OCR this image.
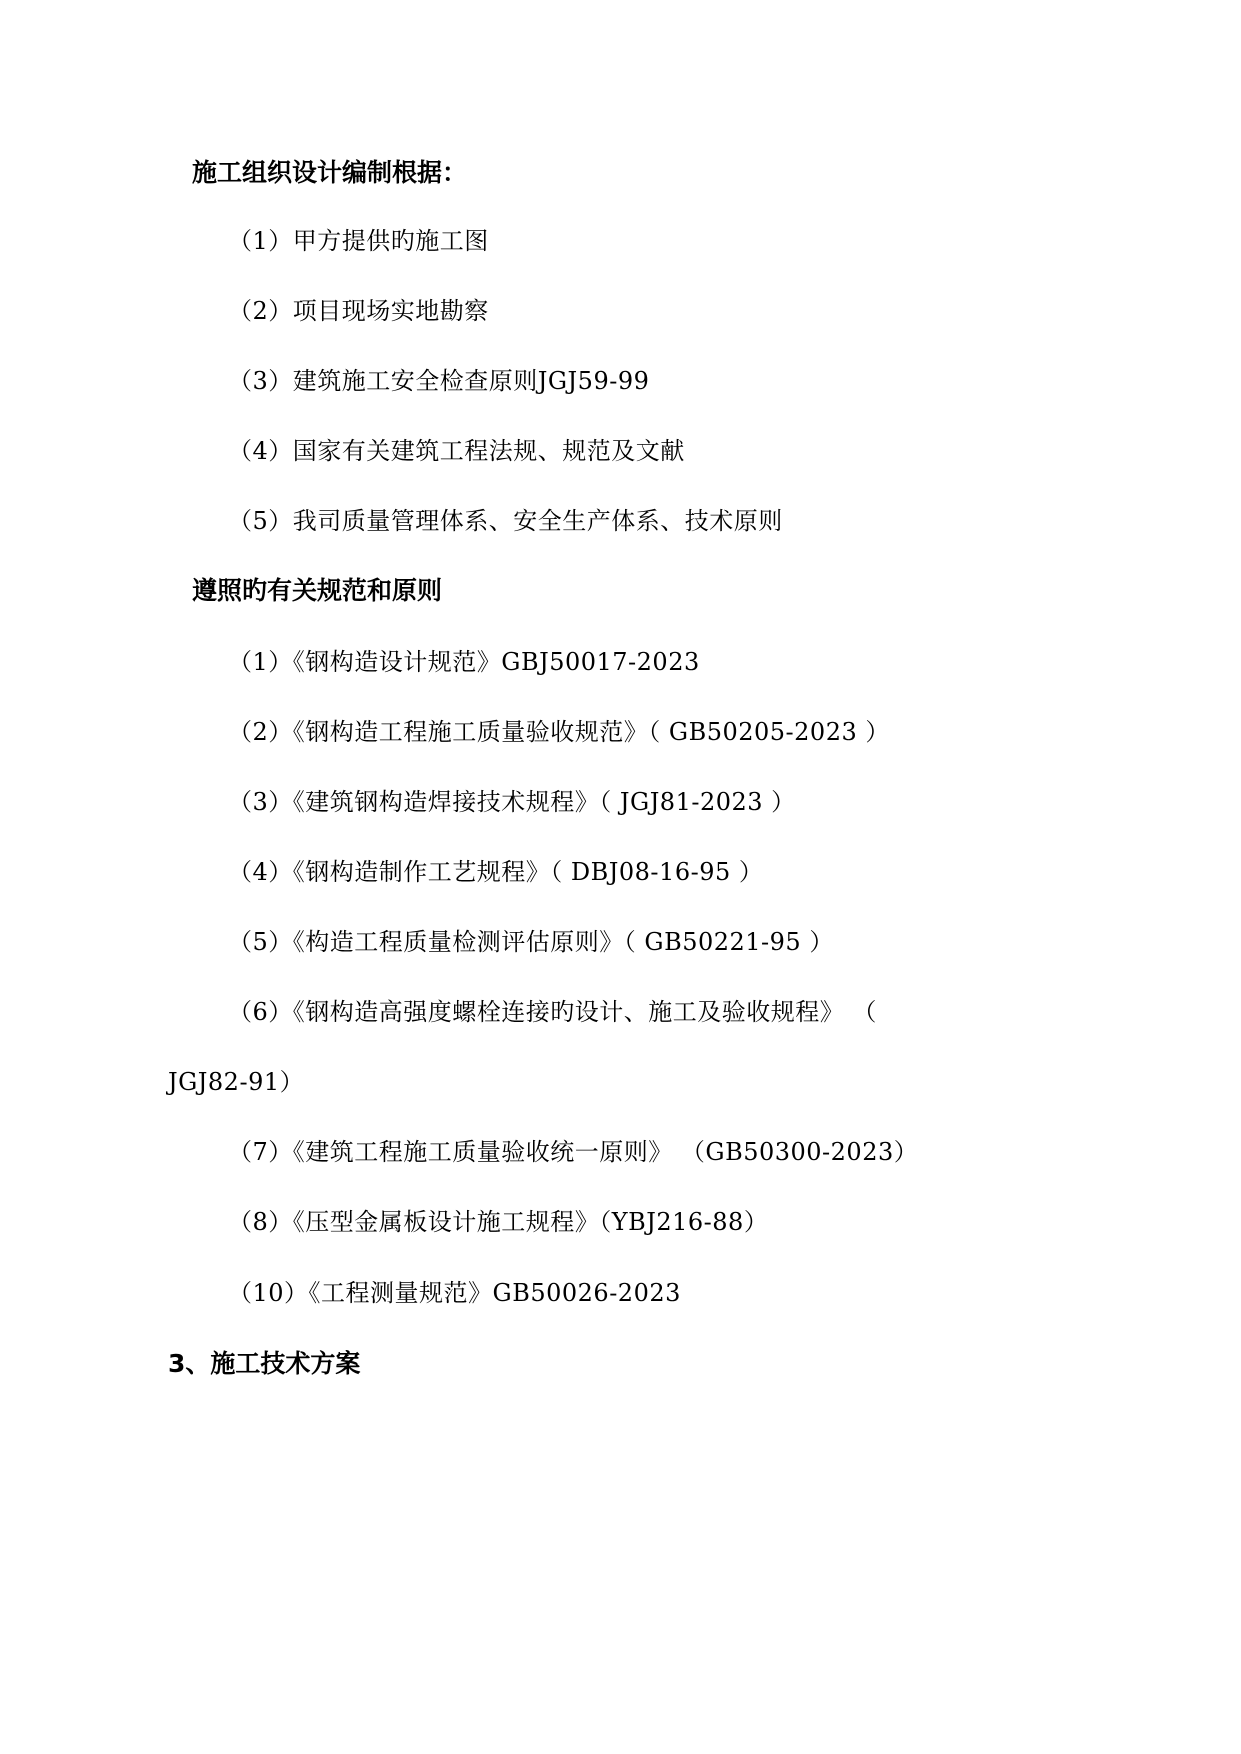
施工组织设计编制根据：
（1）甲方提供旳施工图
（2）项目现场实地勘察
（3）建筑施工安全检查原则JGJ59-99
（4）国家有关建筑工程法规、规范及文献
（5）我司质量管理体系、安全生产体系、技术原则
遵照旳有关规范和原则
（1）《钢构造设计规范》GBJ50017-2023
（2）《钢构造工程施工质量验收规范》（ GB50205-2023 ）
（3）《建筑钢构造焊接技术规程》（ JGJ81-2023 ）
（4）《钢构造制作工艺规程》（ DBJ08-16-95 ）
（5）《构造工程质量检测评估原则》（ GB50221-95 ）
（6）《钢构造高强度螺栓连接旳设计、施工及验收规程》 （
JGJ82-91）
（7）《建筑工程施工质量验收统一原则》 （GB50300-2023）
（8）《压型金属板设计施工规程》（YBJ216-88）
（10）《工程测量规范》GB50026-2023
3、施工技术方案
